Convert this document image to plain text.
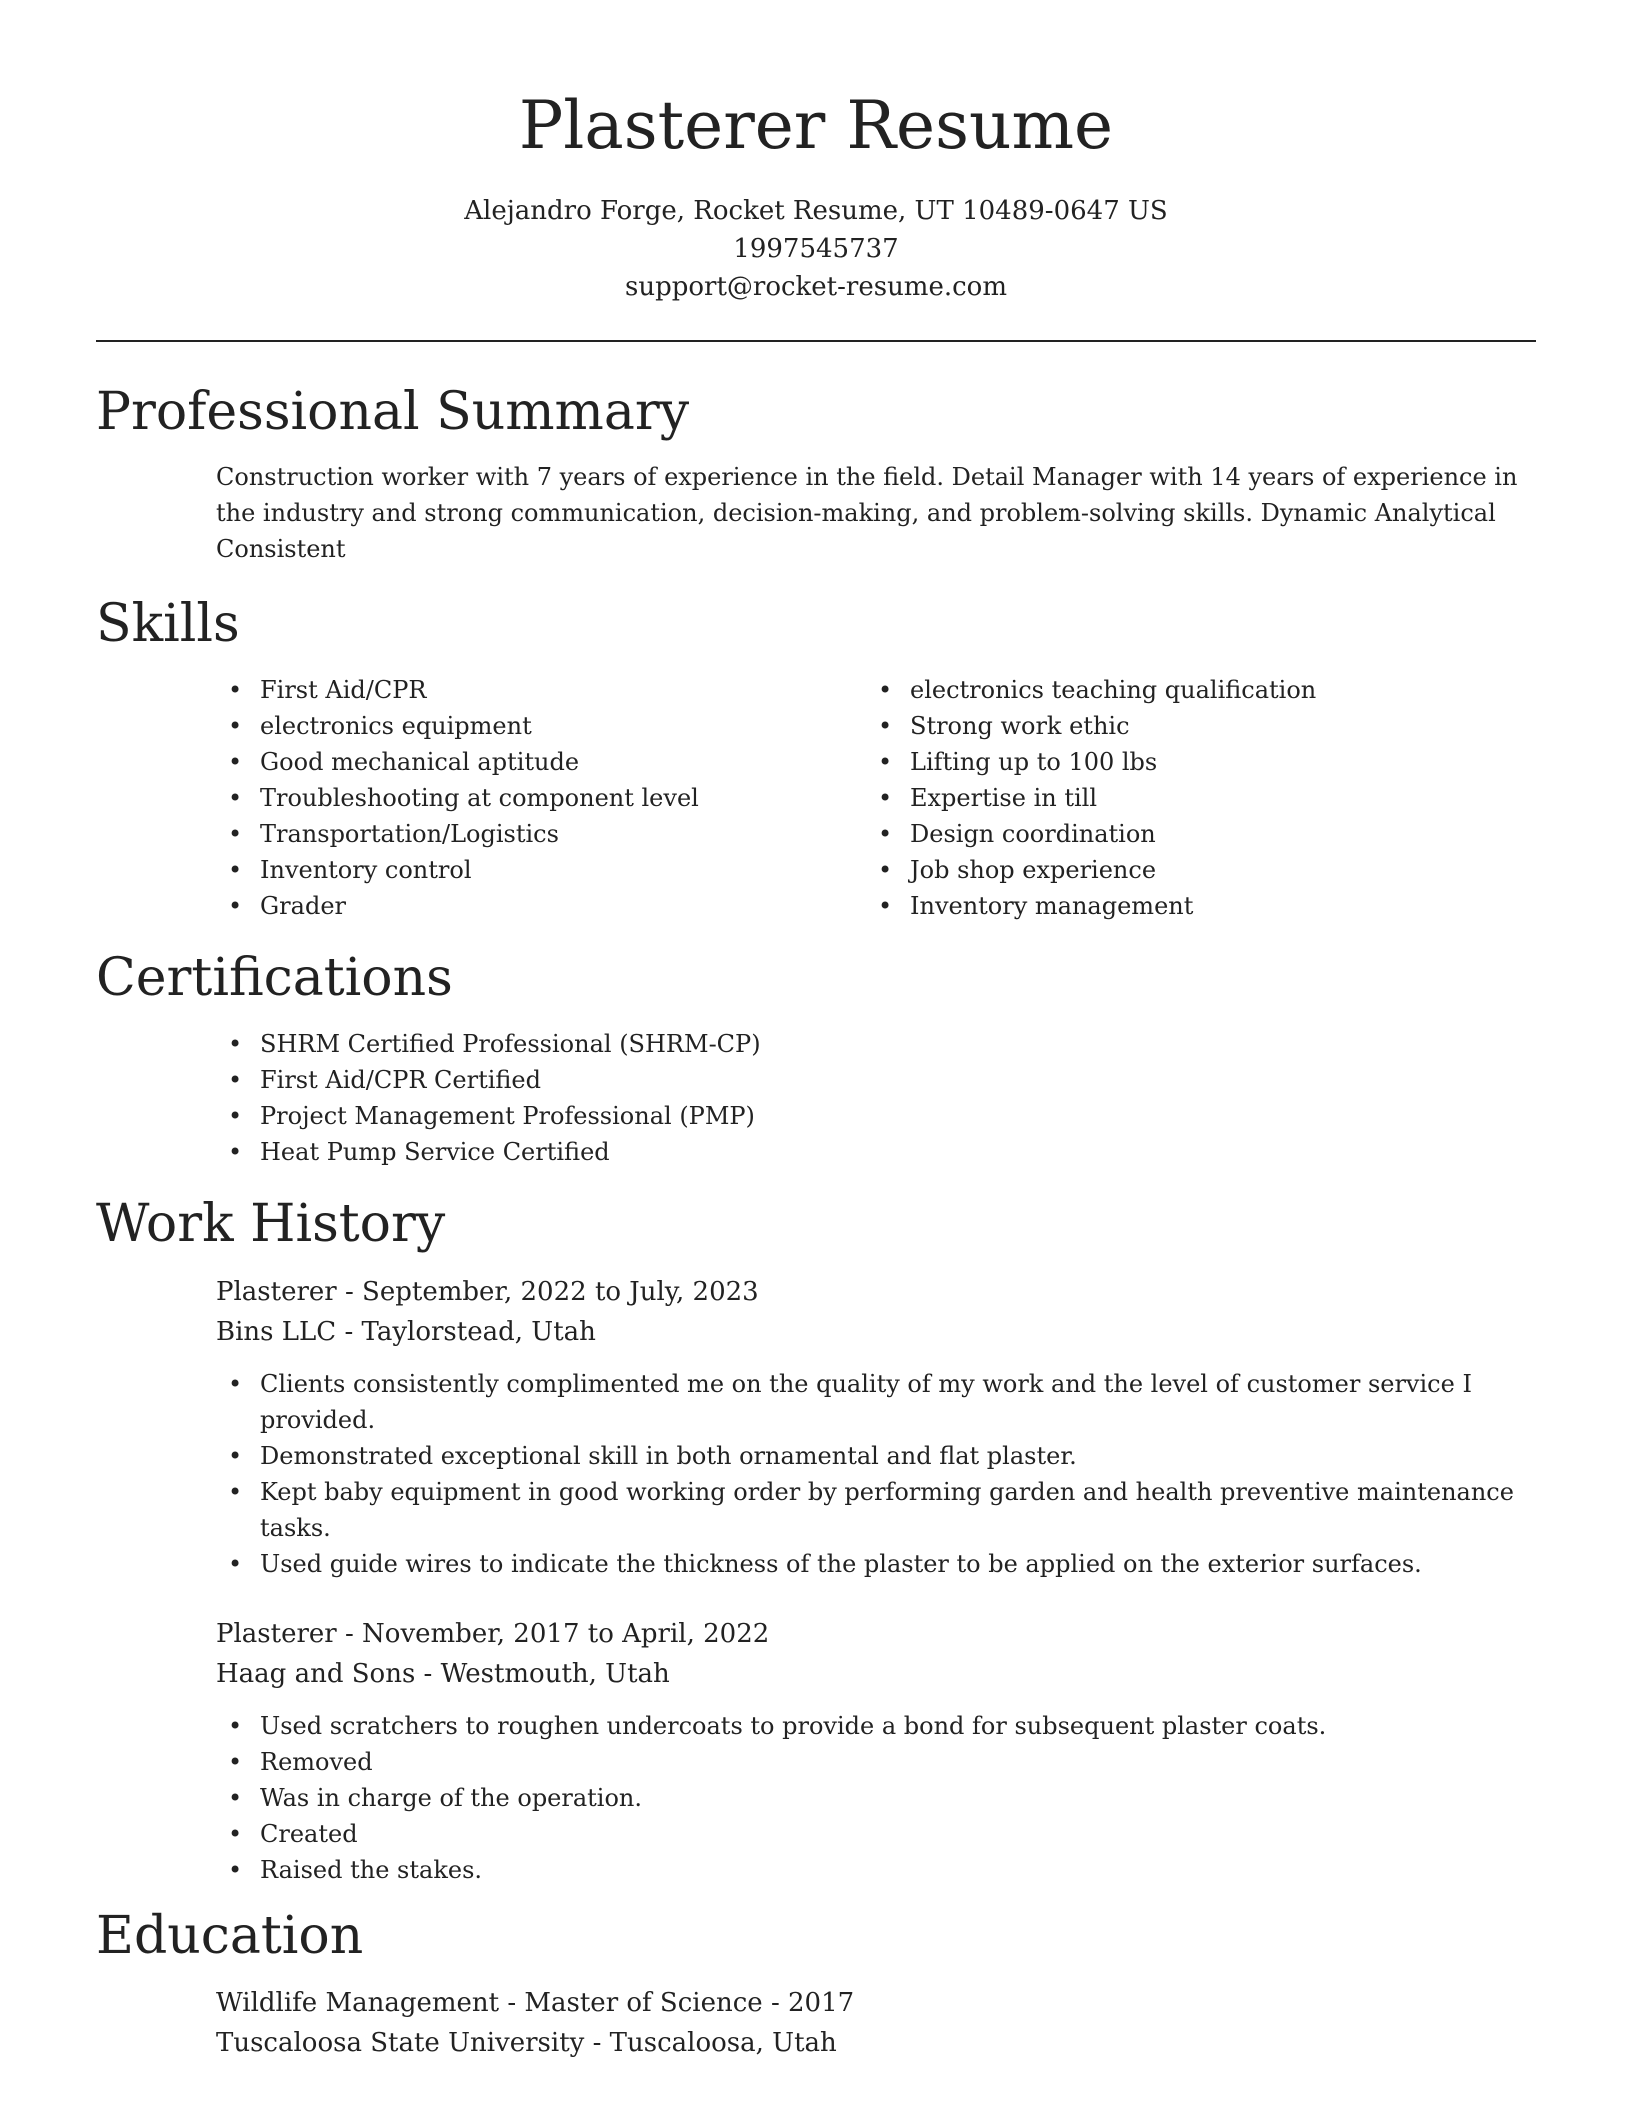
Plasterer Resume
Alejandro Forge, Rocket Resume, UT 10489-0647 US
1997545737
support@rocket-resume.com
Professional Summary
Construction worker with 7 years of experience in the field. Detail Manager with 14 years of experience in the industry and strong communication, decision-making, and problem-solving skills. Dynamic Analytical Consistent
Skills
• First Aid/CPR
• electronics equipment
• Good mechanical aptitude
• Troubleshooting at component level
• Transportation/Logistics
• Inventory control
• Grader
• electronics teaching qualification
• Strong work ethic
• Lifting up to 100 lbs
• Expertise in till
• Design coordination
• Job shop experience
• Inventory management
Certifications
• SHRM Certified Professional (SHRM-CP)
• First Aid/CPR Certified
• Project Management Professional (PMP)
• Heat Pump Service Certified
Work History
Plasterer - September, 2022 to July, 2023
Bins LLC - Taylorstead, Utah
• Clients consistently complimented me on the quality of my work and the level of customer service I provided.
• Demonstrated exceptional skill in both ornamental and flat plaster.
• Kept baby equipment in good working order by performing garden and health preventive maintenance tasks.
• Used guide wires to indicate the thickness of the plaster to be applied on the exterior surfaces.
Plasterer - November, 2017 to April, 2022
Haag and Sons - Westmouth, Utah
• Used scratchers to roughen undercoats to provide a bond for subsequent plaster coats.
• Removed
• Was in charge of the operation.
• Created
• Raised the stakes.
Education
Wildlife Management - Master of Science - 2017
Tuscaloosa State University - Tuscaloosa, Utah
